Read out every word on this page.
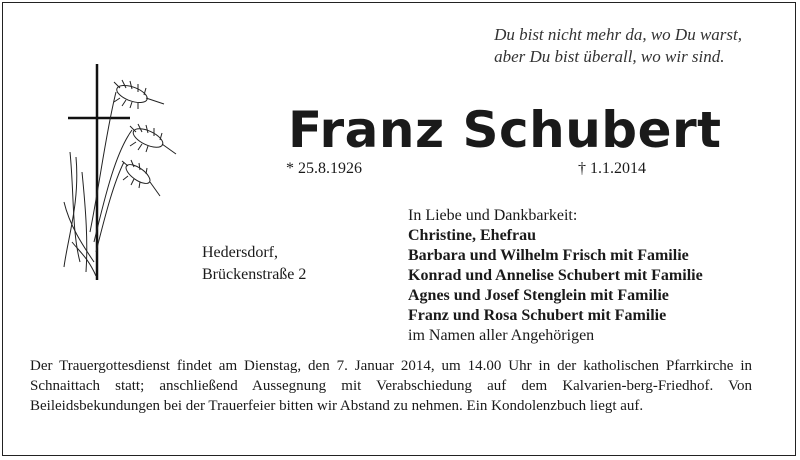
Du bist nicht mehr da, wo Du warst,
aber Du bist überall, wo wir sind.
Franz Schubert
* 25.8.1926	† 1.1.2014
Hedersdorf,
Brückenstraße 2
In Liebe und Dankbarkeit:
Christine, Ehefrau
Barbara und Wilhelm Frisch mit Familie
Konrad und Annelise Schubert mit Familie
Agnes und Josef Stenglein mit Familie
Franz und Rosa Schubert mit Familie
im Namen aller Angehörigen
Der Trauergottesdienst findet am Dienstag, den 7. Januar 2014, um 14.00 Uhr in der katholischen Pfarrkirche in Schnaittach statt; anschließend Aussegnung mit Verabschiedung auf dem Kalvarien-berg-Friedhof. Von Beileidsbekundungen bei der Trauerfeier bitten wir Abstand zu nehmen. Ein Kondolenzbuch liegt auf.
